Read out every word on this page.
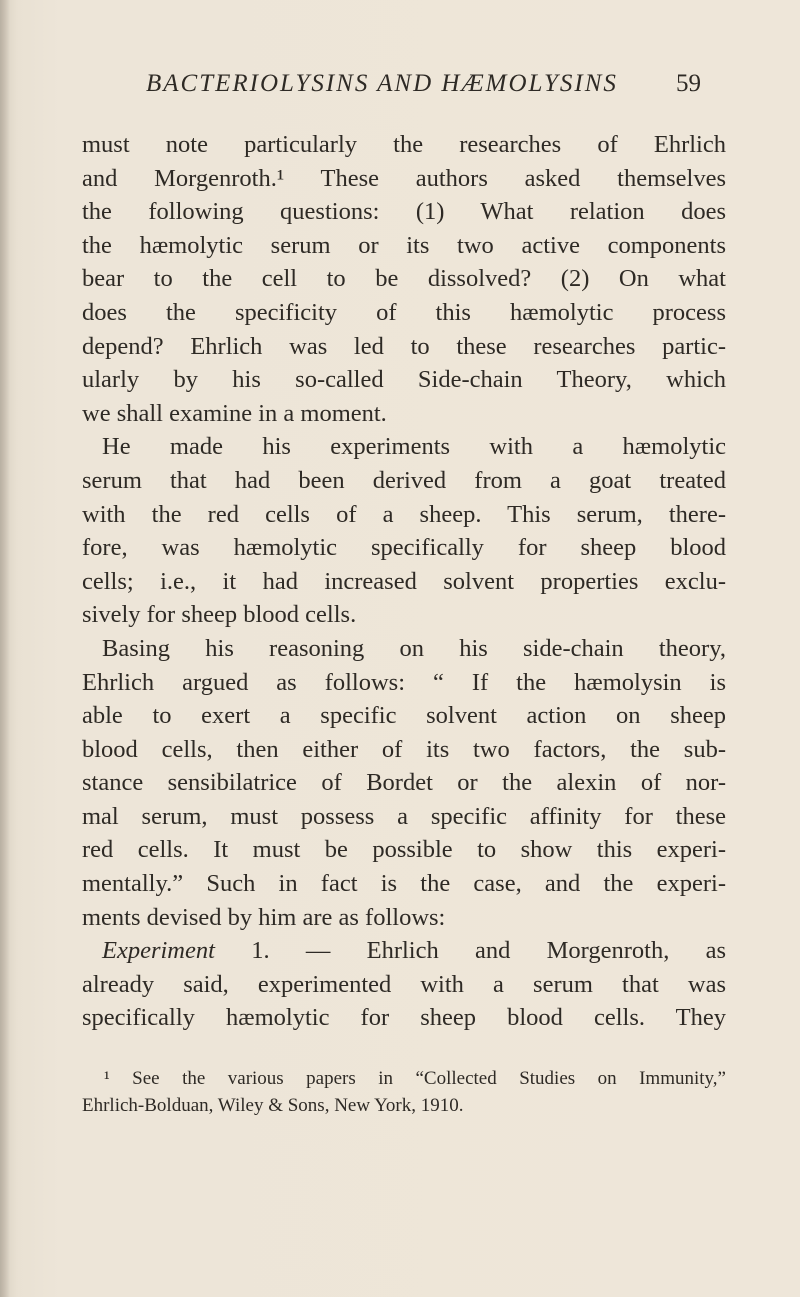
BACTERIOLYSINS AND HÆMOLYSINS 59
must note particularly the researches of Ehrlich
and Morgenroth.¹ These authors asked themselves
the following questions: (1) What relation does
the hæmolytic serum or its two active components
bear to the cell to be dissolved? (2) On what
does the specificity of this hæmolytic process
depend? Ehrlich was led to these researches partic-
ularly by his so-called Side-chain Theory, which
we shall examine in a moment.
He made his experiments with a hæmolytic
serum that had been derived from a goat treated
with the red cells of a sheep. This serum, there-
fore, was hæmolytic specifically for sheep blood
cells; i.e., it had increased solvent properties exclu-
sively for sheep blood cells.
Basing his reasoning on his side-chain theory,
Ehrlich argued as follows: “ If the hæmolysin is
able to exert a specific solvent action on sheep
blood cells, then either of its two factors, the sub-
stance sensibilatrice of Bordet or the alexin of nor-
mal serum, must possess a specific affinity for these
red cells. It must be possible to show this experi-
mentally.” Such in fact is the case, and the experi-
ments devised by him are as follows:
Experiment 1. — Ehrlich and Morgenroth, as
already said, experimented with a serum that was
specifically hæmolytic for sheep blood cells. They
¹ See the various papers in “Collected Studies on Immunity,”
Ehrlich-Bolduan, Wiley & Sons, New York, 1910.
